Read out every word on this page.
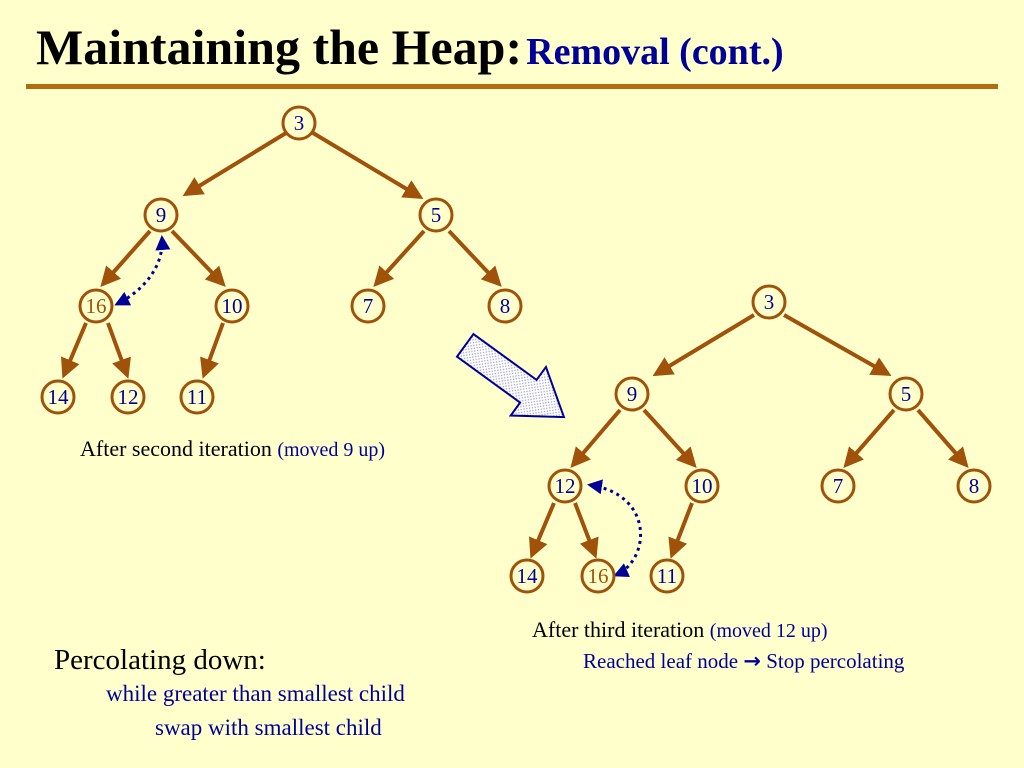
Maintaining the Heap: Removal (cont.)
3
9	5
16	10	7	8
14 12 11
3
9	5
12	10	7	8
14 16 11
After second iteration (moved 9 up)
After third iteration (moved 12 up)
Reached leaf node → Stop percolating
Percolating down:
while greater than smallest child
swap with smallest child
